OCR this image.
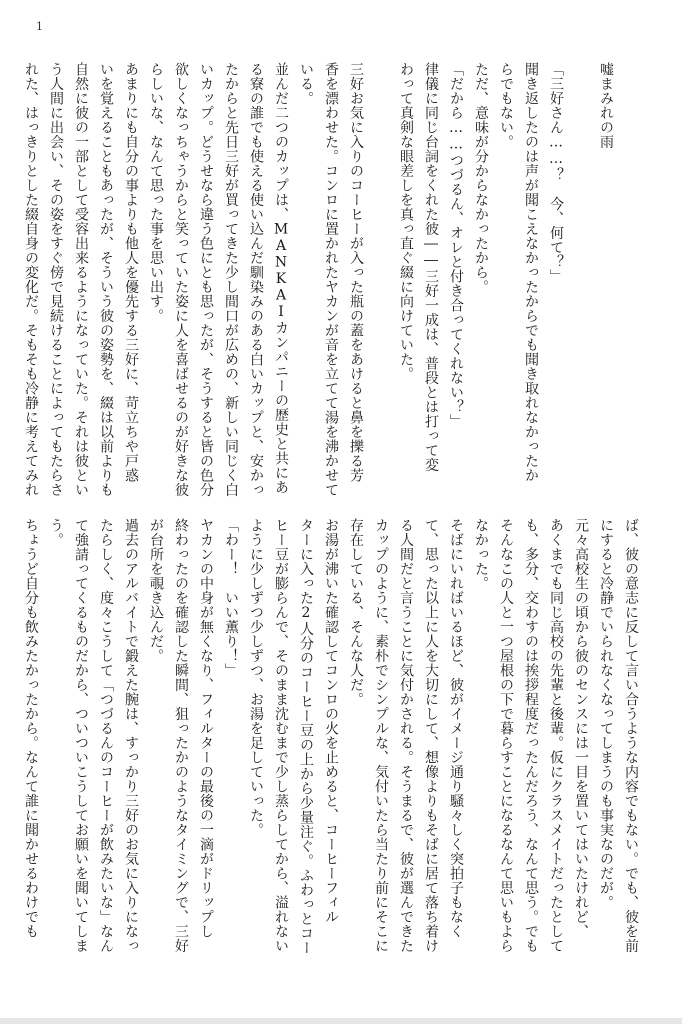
1
嘘まみれの雨

「三好さん……？　今、何て？」
聞き返したのは声が聞こえなかったからでも聞き取れなかったか
らでもない。
ただ、意味が分からなかったから。
「だから……つづるん、オレと付き合ってくれない？」
律儀に同じ台詞をくれた彼――三好一成は、普段とは打って変
わって真剣な眼差しを真っ直ぐ綴に向けていた。

三好お気に入りのコーヒーが入った瓶の蓋をあけると鼻を擽る芳
香を漂わせた。コンロに置かれたヤカンが音を立てて湯を沸かせて
いる。
並んだ二つのカップは、MANKAIカンパニーの歴史と共にあ
る寮の誰でも使える使い込んだ馴染みのある白いカップと、安かっ
たからと先日三好が買ってきた少し間口が広めの、新しい同じく白
いカップ。どうせなら違う色にとも思ったが、そうすると皆の色分
欲しくなっちゃうからと笑っていた姿に人を喜ばせるのが好きな彼
らしいな、なんて思った事を思い出す。
あまりにも自分の事よりも他人を優先する三好に、苛立ちや戸惑
いを覚えることもあったが、そういう彼の姿勢を、綴は以前よりも
自然に彼の一部として受容出来るようになっていた。それは彼とい
う人間に出会い、その姿をすぐ傍で見続けることによってもたらさ
れた、はっきりとした綴自身の変化だ。そもそも冷静に考えてみれ
ば、彼の意志に反して言い合うような内容でもない。でも、彼を前
にすると冷静でいられなくなってしまうのも事実なのだが。
元々高校生の頃から彼のセンスには一目を置いてはいたけれど、
あくまでも同じ高校の先輩と後輩。仮にクラスメイトだったとして
も、多分、交わすのは挨拶程度だったんだろう、なんて思う。でも
そんなこの人と一つ屋根の下で暮らすことになるなんて思いもよら
なかった。
そばにいればいるほど、彼がイメージ通り騒々しく突拍子もなく
て、思った以上に人を大切にして、想像よりもそばに居て落ち着け
る人間だと言うことに気付かされる。そうまるで、彼が選んできた
カップのように、素朴でシンプルな、気付いたら当たり前にそこに
存在している、そんな人だ。
お湯が沸いた確認してコンロの火を止めると、コーヒーフィル
ターに入った2人分のコーヒー豆の上から少量注ぐ。ふわっとコー
ヒー豆が膨らんで、そのまま沈むまで少し蒸らしてから、溢れない
ように少しずつ少しずつ、お湯を足していった。
「わー！　いい薫り！」
ヤカンの中身が無くなり、フィルターの最後の一滴がドリップし
終わったのを確認した瞬間、狙ったかのようなタイミングで、三好
が台所を覗き込んだ。
過去のアルバイトで鍛えた腕は、すっかり三好のお気に入りになっ
たらしく、度々こうして「つづるんのコーヒーが飲みたいな」なん
て強請ってくるものだから、ついついこうしてお願いを聞いてしま
う。
ちょうど自分も飲みたかったから。なんて誰に聞かせるわけでも
